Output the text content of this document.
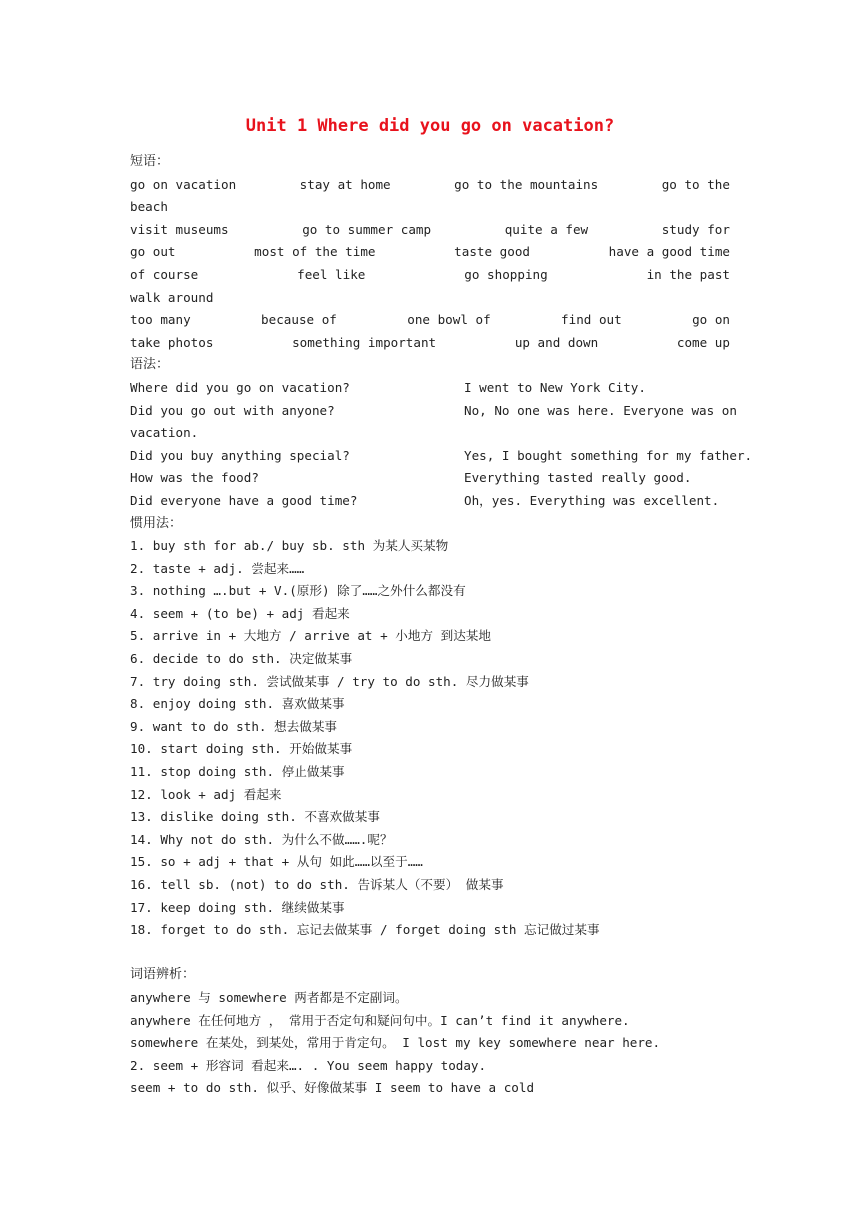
Unit 1 Where did you go on vacation?
短语：
go on vacation	stay at home	go to the mountains	go to the
beach
visit museums	go to summer camp	quite a few	study for
go out	most of the time	taste good	have a good time
of course	feel like	go shopping	in the past
walk around
too many	because of	one bowl of	find out	go on
take photos	something important	up and down	come up
语法：
Where did you go on vacation?	I went to New York City.
Did you go out with anyone?	No, No one was here. Everyone was on
vacation.
Did you buy anything special?	Yes, I bought something for my father.
How was the food?	Everything tasted really good.
Did everyone have a good time?	Oh，yes. Everything was excellent.
惯用法：
1. buy sth for ab./ buy sb. sth 为某人买某物
2. taste + adj. 尝起来……
3. nothing ….but + V.(原形) 除了……之外什么都没有
4. seem + (to be) + adj 看起来
5. arrive in + 大地方 / arrive at + 小地方 到达某地
6. decide to do sth. 决定做某事
7. try doing sth. 尝试做某事 / try to do sth. 尽力做某事
8. enjoy doing sth. 喜欢做某事
9. want to do sth. 想去做某事
10. start doing sth. 开始做某事
11. stop doing sth. 停止做某事
12. look + adj 看起来
13. dislike doing sth. 不喜欢做某事
14. Why not do sth. 为什么不做…….呢？
15. so + adj + that + 从句 如此……以至于……
16. tell sb. (not) to do sth. 告诉某人（不要） 做某事
17. keep doing sth. 继续做某事
18. forget to do sth. 忘记去做某事 / forget doing sth 忘记做过某事
词语辨析：
anywhere 与 somewhere 两者都是不定副词。
anywhere 在任何地方 ， 常用于否定句和疑问句中。I can’t find it anywhere.
somewhere 在某处，到某处，常用于肯定句。 I lost my key somewhere near here.
2. seem + 形容词 看起来…. . You seem happy today.
seem + to do sth. 似乎、好像做某事 I seem to have a cold
